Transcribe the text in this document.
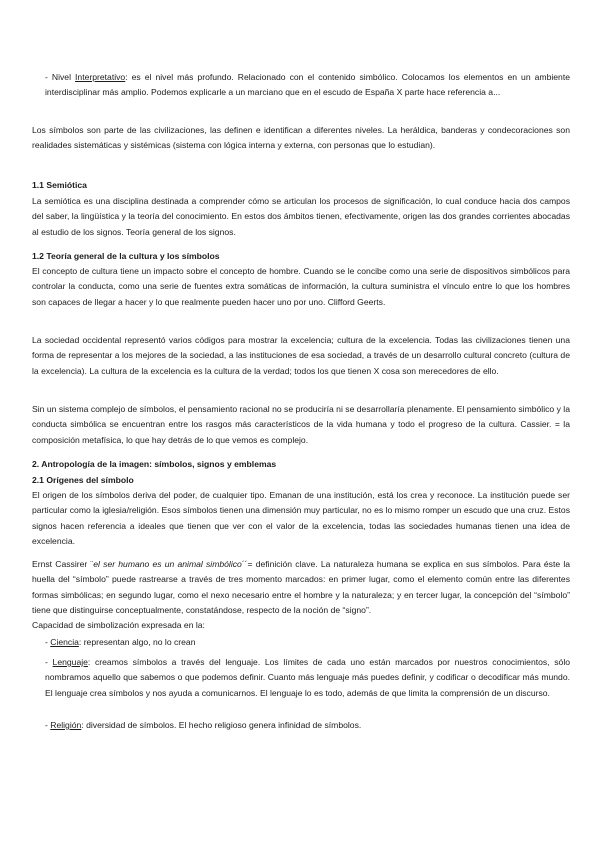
- Nivel Interpretativo: es el nivel más profundo. Relacionado con el contenido simbólico. Colocamos los elementos en un ambiente interdisciplinar más amplio. Podemos explicarle a un marciano que en el escudo de España X parte hace referencia a...

Los símbolos son parte de las civilizaciones, las definen e identifican a diferentes niveles. La heráldica, banderas y condecoraciones son realidades sistemáticas y sistémicas (sistema con lógica interna y externa, con personas que lo estudian).

1.1 Semiótica

La semiótica es una disciplina destinada a comprender cómo se articulan los procesos de significación, lo cual conduce hacia dos campos del saber, la lingüística y la teoría del conocimiento. En estos dos ámbitos tienen, efectivamente, origen las dos grandes corrientes abocadas al estudio de los signos. Teoría general de los signos.

1.2 Teoría general de la cultura y los símbolos

El concepto de cultura tiene un impacto sobre el concepto de hombre. Cuando se le concibe como una serie de dispositivos simbólicos para controlar la conducta, como una serie de fuentes extra somáticas de información, la cultura suministra el vínculo entre lo que los hombres son capaces de llegar a hacer y lo que realmente pueden hacer uno por uno. Clifford Geerts.

La sociedad occidental representó varios códigos para mostrar la excelencia; cultura de la excelencia. Todas las civilizaciones tienen una forma de representar a los mejores de la sociedad, a las instituciones de esa sociedad, a través de un desarrollo cultural concreto (cultura de la excelencia). La cultura de la excelencia es la cultura de la verdad; todos los que tienen X cosa son merecedores de ello.

Sin un sistema complejo de símbolos, el pensamiento racional no se produciría ni se desarrollaría plenamente. El pensamiento simbólico y la conducta simbólica se encuentran entre los rasgos más característicos de la vida humana y todo el progreso de la cultura. Cassier. = la composición metafísica, lo que hay detrás de lo que vemos es complejo.

2. Antropología de la imagen: símbolos, signos y emblemas

2.1 Orígenes del símbolo

El origen de los símbolos deriva del poder, de cualquier tipo. Emanan de una institución, está los crea y reconoce. La institución puede ser particular como la iglesia/religión. Esos símbolos tienen una dimensión muy particular, no es lo mismo romper un escudo que una cruz. Estos signos hacen referencia a ideales que tienen que ver con el valor de la excelencia, todas las sociedades humanas tienen una idea de excelencia.

Ernst Cassirer ¨el ser humano es un animal simbólico´´= definición clave. La naturaleza humana se explica en sus símbolos. Para éste la huella del “símbolo” puede rastrearse a través de tres momento marcados: en primer lugar, como el elemento común entre las diferentes formas simbólicas; en segundo lugar, como el nexo necesario entre el hombre y la naturaleza; y en tercer lugar, la concepción del “símbolo” tiene que distinguirse conceptualmente, constatándose, respecto de la noción de “signo”.

Capacidad de simbolización expresada en la:

- Ciencia: representan algo, no lo crean

- Lenguaje: creamos símbolos a través del lenguaje. Los límites de cada uno están marcados por nuestros conocimientos, sólo nombramos aquello que sabemos o que podemos definir. Cuanto más lenguaje más puedes definir, y codificar o decodificar más mundo. El lenguaje crea símbolos y nos ayuda a comunicarnos. El lenguaje lo es todo, además de que limita la comprensión de un discurso.

- Religión: diversidad de símbolos. El hecho religioso genera infinidad de símbolos.
